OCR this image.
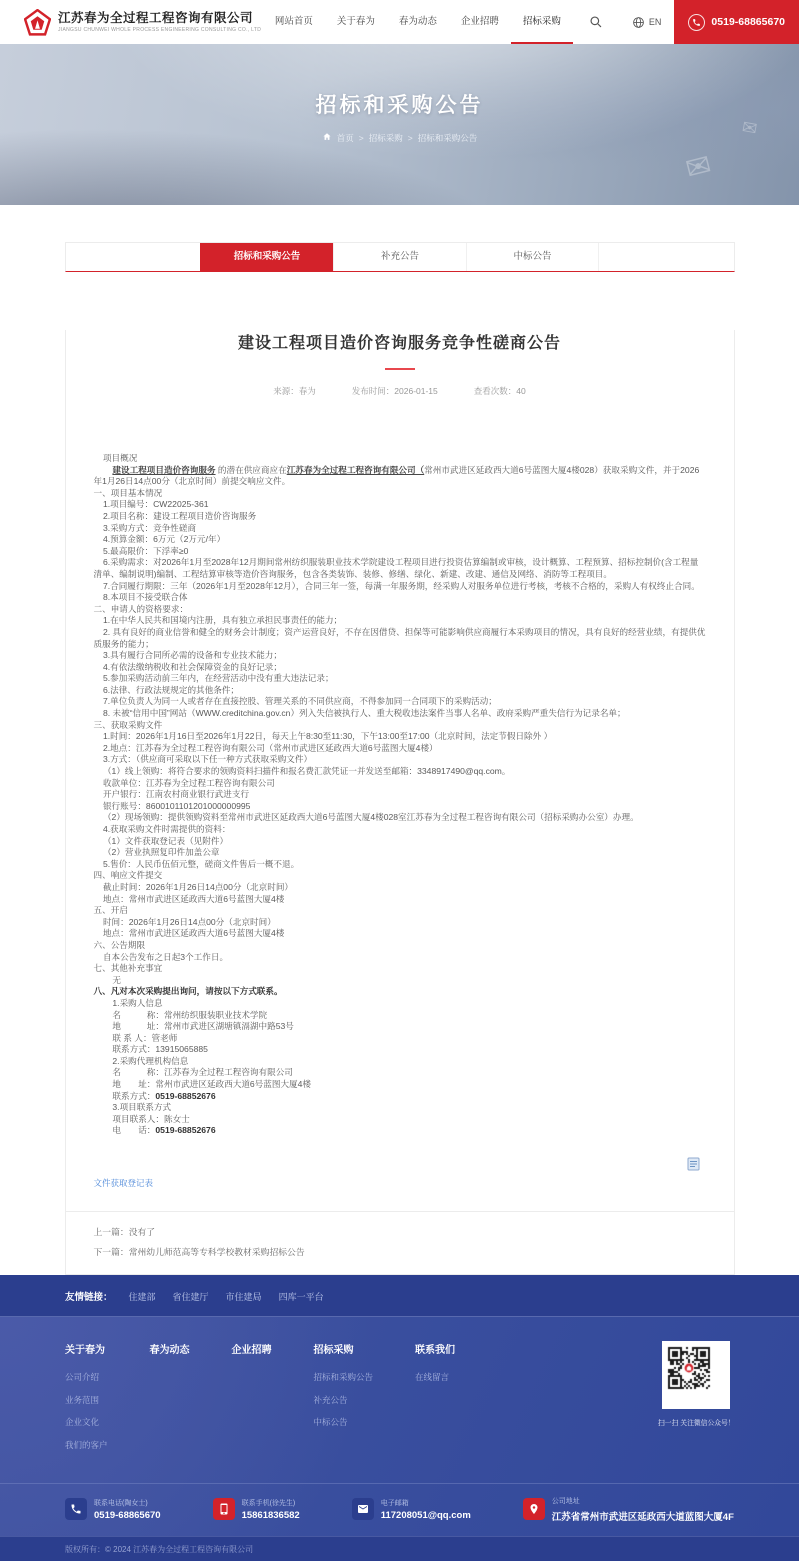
江苏春为全过程工程咨询有限公司
JIANGSU CHUNWEI WHOLE PROCESS ENGINEERING CONSULTING CO., LTD
网站首页	关于春为	春为动态	企业招聘	招标采购	EN	0519-68865670
✉
✉
招标和采购公告
首页 > 招标采购 > 招标和采购公告
招标和采购公告	补充公告	中标公告
建设工程项目造价咨询服务竞争性磋商公告
来源：春为	发布时间：2026-01-15	查看次数：40
项目概况
建设工程项目造价咨询服务 的潜在供应商应在江苏春为全过程工程咨询有限公司（常州市武进区延政西大道6号蓝图大厦4楼028）获取采购文件，并于2026年1月26日14点00分（北京时间）前提交响应文件。
一、项目基本情况
1.项目编号：CW22025-361
2.项目名称：建设工程项目造价咨询服务
3.采购方式：竞争性磋商
4.预算金额：6万元（2万元/年）
5.最高限价：下浮率≥0
6.采购需求：对2026年1月至2028年12月期间常州纺织服装职业技术学院建设工程项目进行投资估算编制或审核，设计概算、工程预算、招标控制价(含工程量清单、编制说明)编制、工程结算审核等造价咨询服务，包含各类装饰、装修、修缮、绿化、新建、改建、通信及网络、消防等工程项目。
7.合同履行期限：三年（2026年1月至2028年12月），合同三年一签，每满一年服务期，经采购人对服务单位进行考核，考核不合格的，采购人有权终止合同。
8.本项目不接受联合体
二、申请人的资格要求：
1.在中华人民共和国境内注册，具有独立承担民事责任的能力；
2. 具有良好的商业信誉和健全的财务会计制度；资产运营良好，不存在因借贷、担保等可能影响供应商履行本采购项目的情况，具有良好的经营业绩，有提供优质服务的能力；
3.具有履行合同所必需的设备和专业技术能力；
4.有依法缴纳税收和社会保障资金的良好记录；
5.参加采购活动前三年内，在经营活动中没有重大违法记录；
6.法律、行政法规规定的其他条件；
7.单位负责人为同一人或者存在直接控股、管理关系的不同供应商，不得参加同一合同项下的采购活动；
8. 未被“信用中国”网站（WWW.creditchina.gov.cn）列入失信被执行人、重大税收违法案件当事人名单、政府采购严重失信行为记录名单；
三、获取采购文件
1.时间：2026年1月16日至2026年1月22日，每天上午8:30至11:30，下午13:00至17:00（北京时间，法定节假日除外 ）
2.地点：江苏春为全过程工程咨询有限公司（常州市武进区延政西大道6号蓝图大厦4楼）
3.方式：（供应商可采取以下任一种方式获取采购文件）
（1）线上领购：将符合要求的领购资料扫描件和报名费汇款凭证一并发送至邮箱：3348917490@qq.com。
收款单位：江苏春为全过程工程咨询有限公司
开户银行：江南农村商业银行武进支行
银行账号：8600101101201000000995
（2）现场领购：提供领购资料至常州市武进区延政西大道6号蓝图大厦4楼028室江苏春为全过程工程咨询有限公司（招标采购办公室）办理。
4.获取采购文件时需提供的资料：
（1）文件获取登记表（见附件）
（2）营业执照复印件加盖公章
5.售价：人民币伍佰元整，磋商文件售后一概不退。
四、响应文件提交
截止时间：2026年1月26日14点00分（北京时间）
地点：常州市武进区延政西大道6号蓝图大厦4楼
五、开启
时间：2026年1月26日14点00分（北京时间）
地点：常州市武进区延政西大道6号蓝图大厦4楼
六、公告期限
自本公告发布之日起3个工作日。
七、其他补充事宜
无
八、凡对本次采购提出询问，请按以下方式联系。
1.采购人信息
名　　　称：常州纺织服装职业技术学院
地　　　址：常州市武进区湖塘镇滆湖中路53号
联 系 人：管老师
联系方式：13915065885
2.采购代理机构信息
名　　　称：江苏春为全过程工程咨询有限公司
地　　址：常州市武进区延政西大道6号蓝图大厦4楼
联系方式：0519-68852676
3.项目联系方式
项目联系人：陈女士
电　　话：0519-68852676
文件获取登记表
上一篇：没有了
下一篇：常州幼儿师范高等专科学校教材采购招标公告
友情链接： 住建部 省住建厅 市住建局 四库一平台
关于春为
公司介绍
业务范围
企业文化
我们的客户
春为动态	企业招聘	招标采购
招标和采购公告
补充公告
中标公告
联系我们
在线留言
扫一扫 关注微信公众号！
联系电话(陶女士)
0519-68865670
联系手机(徐先生)
15861836582
电子邮箱
117208051@qq.com
公司地址
江苏省常州市武进区延政西大道蓝图大厦4F
版权所有：© 2024 江苏春为全过程工程咨询有限公司
